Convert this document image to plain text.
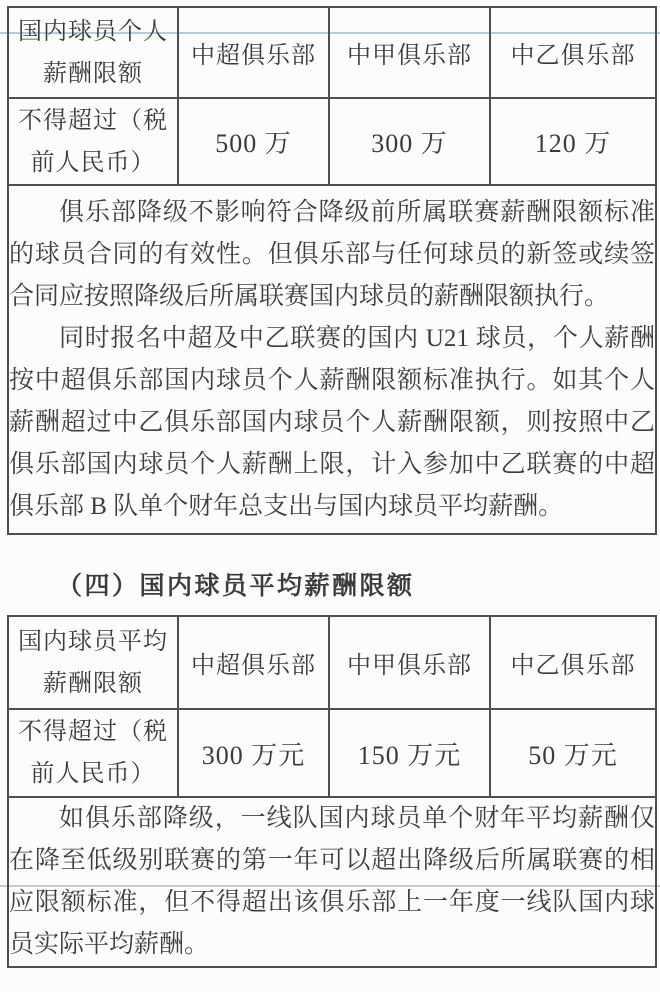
国内球员个人
薪酬限额	中超俱乐部	中甲俱乐部	中乙俱乐部

不得超过（税
前人民币）	500 万	300 万	120 万

俱乐部降级不影响符合降级前所属联赛薪酬限额标准的球员合同的有效性。但俱乐部与任何球员的新签或续签合同应按照降级后所属联赛国内球员的薪酬限额执行。

同时报名中超及中乙联赛的国内 U21 球员，个人薪酬按中超俱乐部国内球员个人薪酬限额标准执行。如其个人薪酬超过中乙俱乐部国内球员个人薪酬限额，则按照中乙俱乐部国内球员个人薪酬上限，计入参加中乙联赛的中超俱乐部 B 队单个财年总支出与国内球员平均薪酬。			

（四）国内球员平均薪酬限额
国内球员平均
薪酬限额	中超俱乐部	中甲俱乐部	中乙俱乐部

不得超过（税
前人民币）	300 万元	150 万元	50 万元

如俱乐部降级，一线队国内球员单个财年平均薪酬仅在降至低级别联赛的第一年可以超出降级后所属联赛的相应限额标准，但不得超出该俱乐部上一年度一线队国内球员实际平均薪酬。			
